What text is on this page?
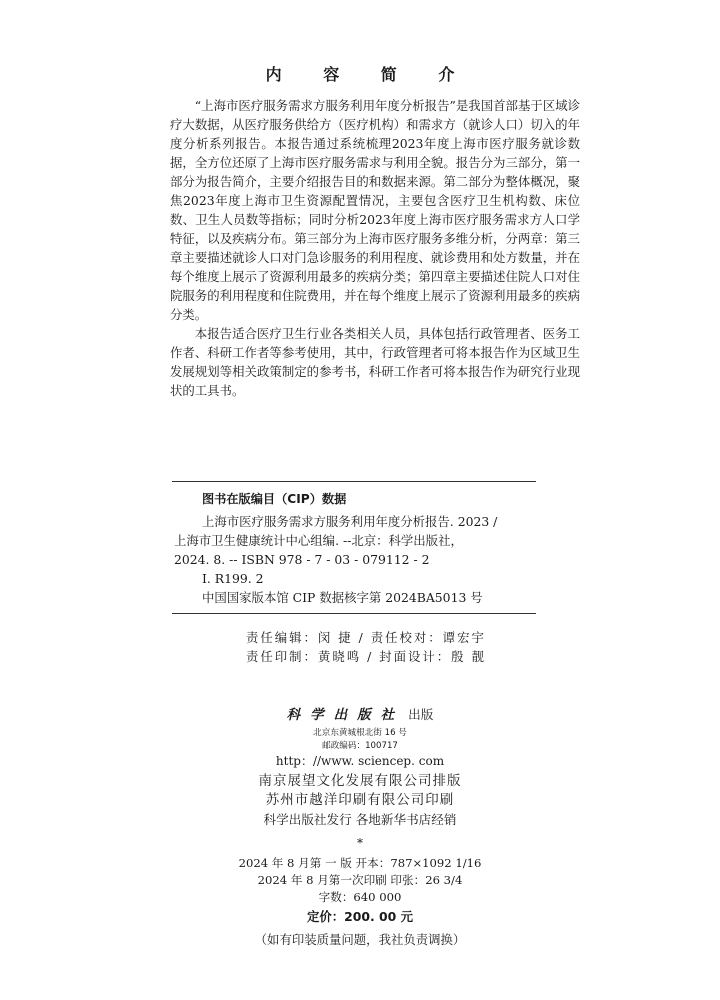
内 容 简 介

“上海市医疗服务需求方服务利用年度分析报告”是我国首部基于区域诊疗大数据，从医疗服务供给方（医疗机构）和需求方（就诊人口）切入的年度分析系列报告。本报告通过系统梳理2023年度上海市医疗服务就诊数据，全方位还原了上海市医疗服务需求与利用全貌。报告分为三部分，第一部分为报告简介，主要介绍报告目的和数据来源。第二部分为整体概况，聚焦2023年度上海市卫生资源配置情况，主要包含医疗卫生机构数、床位数、卫生人员数等指标；同时分析2023年度上海市医疗服务需求方人口学特征，以及疾病分布。第三部分为上海市医疗服务多维分析，分两章：第三章主要描述就诊人口对门急诊服务的利用程度、就诊费用和处方数量，并在每个维度上展示了资源利用最多的疾病分类；第四章主要描述住院人口对住院服务的利用程度和住院费用，并在每个维度上展示了资源利用最多的疾病分类。

本报告适合医疗卫生行业各类相关人员，具体包括行政管理者、医务工作者、科研工作者等参考使用，其中，行政管理者可将本报告作为区域卫生发展规划等相关政策制定的参考书，科研工作者可将本报告作为研究行业现状的工具书。

图书在版编目（CIP）数据
上海市医疗服务需求方服务利用年度分析报告. 2023 /
上海市卫生健康统计中心组编. --北京：科学出版社，
2024. 8. -- ISBN 978 - 7 - 03 - 079112 - 2
Ⅰ. R199. 2
中国国家版本馆 CIP 数据核字第 2024BA5013 号
责任编辑：闵 捷 / 责任校对：谭宏宇
责任印制：黄晓鸣 / 封面设计：殷 靓
科学出版社 出版
北京东黄城根北街 16 号
邮政编码：100717
http：//www. sciencep. com
南京展望文化发展有限公司排版
苏州市越洋印刷有限公司印刷
科学出版社发行 各地新华书店经销
*
2024 年 8 月第 一 版 开本：787×1092 1/16
2024 年 8 月第一次印刷 印张：26 3/4
字数：640 000
定价：200. 00 元
（如有印装质量问题，我社负责调换）
